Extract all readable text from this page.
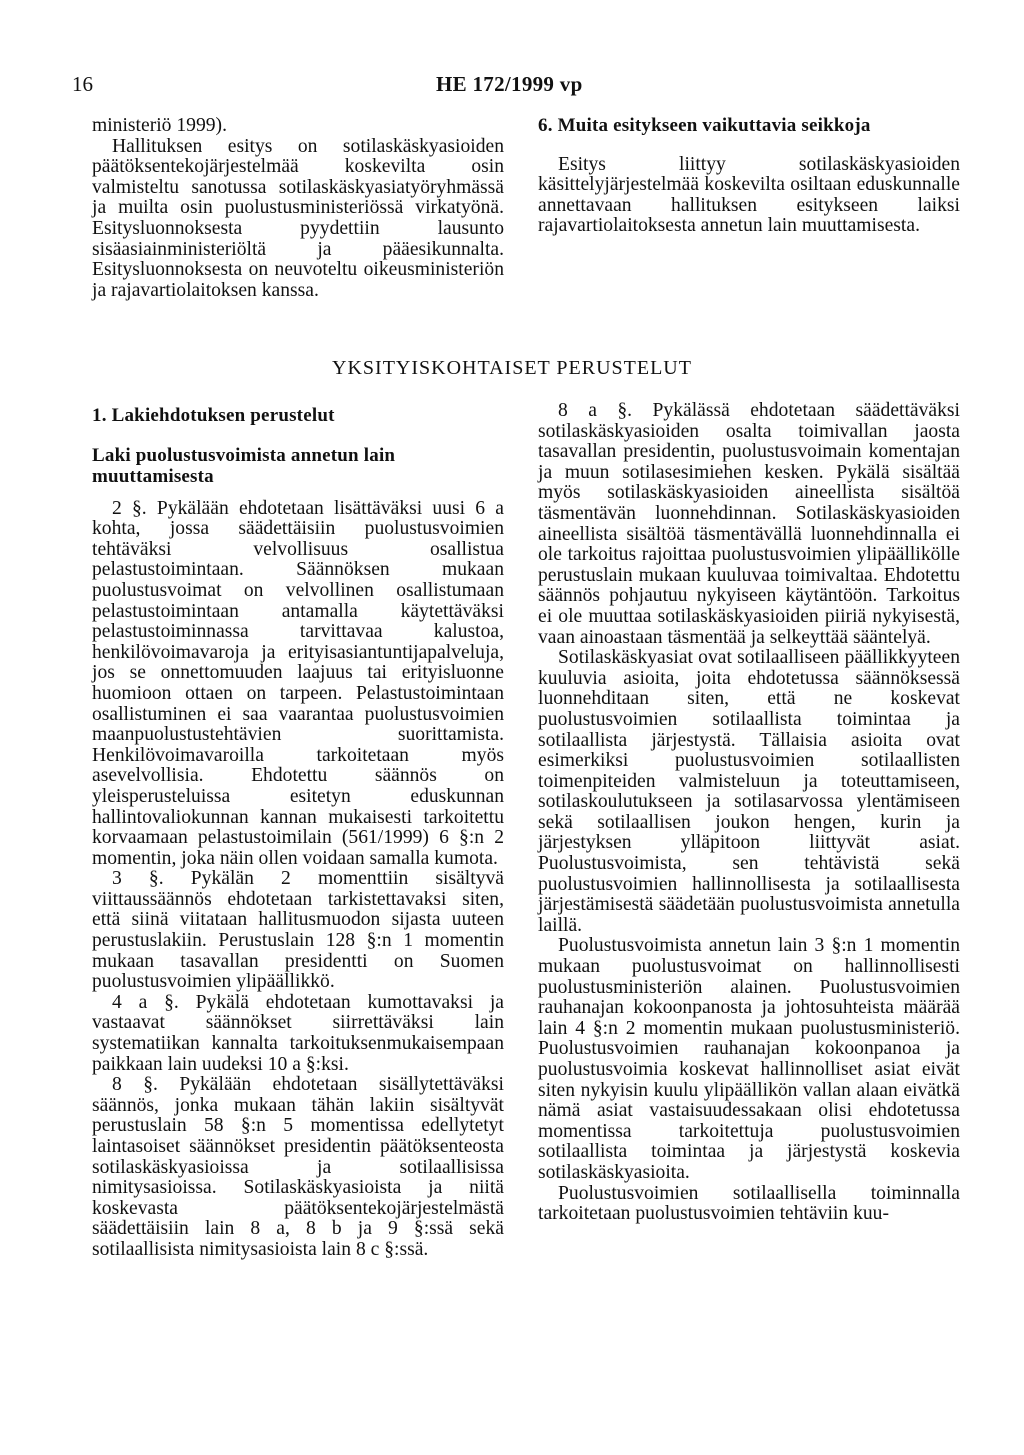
16	HE 172/1999 vp

ministeriö 1999).

Hallituksen esitys on sotilaskäskyasioiden päätöksentekojärjestelmää koskevilta osin valmisteltu sanotussa sotilaskäskyasiatyöryhmässä ja muilta osin puolustusministeriössä virkatyönä. Esitysluonnoksesta pyydettiin lausunto sisäasiainministeriöltä ja pääesikunnalta. Esitysluonnoksesta on neuvoteltu oikeusministeriön ja rajavartiolaitoksen kanssa.

6. Muita esitykseen vaikuttavia seikkoja

Esitys liittyy sotilaskäskyasioiden käsittelyjärjestelmää koskevilta osiltaan eduskunnalle annettavaan hallituksen esitykseen laiksi rajavartiolaitoksesta annetun lain muuttamisesta.

YKSITYISKOHTAISET PERUSTELUT
1. Lakiehdotuksen perustelut
Laki puolustusvoimista annetun lain muuttamisesta

2 §. Pykälään ehdotetaan lisättäväksi uusi 6 a kohta, jossa säädettäisiin puolustusvoimien tehtäväksi velvollisuus osallistua pelastustoimintaan. Säännöksen mukaan puolustusvoimat on velvollinen osallistumaan pelastustoimintaan antamalla käytettäväksi pelastustoiminnassa tarvittavaa kalustoa, henkilövoimavaroja ja erityisasiantuntijapalveluja, jos se onnettomuuden laajuus tai erityisluonne huomioon ottaen on tarpeen. Pelastustoimintaan osallistuminen ei saa vaarantaa puolustusvoimien maanpuolustustehtävien suorittamista. Henkilövoimavaroilla tarkoitetaan myös asevelvollisia. Ehdotettu säännös on yleisperusteluissa esitetyn eduskunnan hallintovaliokunnan kannan mukaisesti tarkoitettu korvaamaan pelastustoimilain (561/1999) 6 §:n 2 momentin, joka näin ollen voidaan samalla kumota.

3 §. Pykälän 2 momenttiin sisältyvä viittaussäännös ehdotetaan tarkistettavaksi siten, että siinä viitataan hallitusmuodon sijasta uuteen perustuslakiin. Perustuslain 128 §:n 1 momentin mukaan tasavallan presidentti on Suomen puolustusvoimien ylipäällikkö.

4 a §. Pykälä ehdotetaan kumottavaksi ja vastaavat säännökset siirrettäväksi lain systematiikan kannalta tarkoituksenmukaisempaan paikkaan lain uudeksi 10 a §:ksi.

8 §. Pykälään ehdotetaan sisällytettäväksi säännös, jonka mukaan tähän lakiin sisältyvät perustuslain 58 §:n 5 momentissa edellytetyt laintasoiset säännökset presidentin päätöksenteosta sotilaskäskyasioissa ja sotilaallisissa nimitysasioissa. Sotilaskäskyasioista ja niitä koskevasta päätöksentekojärjestelmästä säädettäisiin lain 8 a, 8 b ja 9 §:ssä sekä sotilaallisista nimitysasioista lain 8 c §:ssä.

8 a §. Pykälässä ehdotetaan säädettäväksi sotilaskäskyasioiden osalta toimivallan jaosta tasavallan presidentin, puolustusvoimain komentajan ja muun sotilasesimiehen kesken. Pykälä sisältää myös sotilaskäskyasioiden aineellista sisältöä täsmentävän luonnehdinnan. Sotilaskäskyasioiden aineellista sisältöä täsmentävällä luonnehdinnalla ei ole tarkoitus rajoittaa puolustusvoimien ylipäällikölle perustuslain mukaan kuuluvaa toimivaltaa. Ehdotettu säännös pohjautuu nykyiseen käytäntöön. Tarkoitus ei ole muuttaa sotilaskäskyasioiden piiriä nykyisestä, vaan ainoastaan täsmentää ja selkeyttää sääntelyä.

Sotilaskäskyasiat ovat sotilaalliseen päällikkyyteen kuuluvia asioita, joita ehdotetussa säännöksessä luonnehditaan siten, että ne koskevat puolustusvoimien sotilaallista toimintaa ja sotilaallista järjestystä. Tällaisia asioita ovat esimerkiksi puolustusvoimien sotilaallisten toimenpiteiden valmisteluun ja toteuttamiseen, sotilaskoulutukseen ja sotilasarvossa ylentämiseen sekä sotilaallisen joukon hengen, kurin ja järjestyksen ylläpitoon liittyvät asiat. Puolustusvoimista, sen tehtävistä sekä puolustusvoimien hallinnollisesta ja sotilaallisesta järjestämisestä säädetään puolustusvoimista annetulla laillä.

Puolustusvoimista annetun lain 3 §:n 1 momentin mukaan puolustusvoimat on hallinnollisesti puolustusministeriön alainen. Puolustusvoimien rauhanajan kokoonpanosta ja johtosuhteista määrää lain 4 §:n 2 momentin mukaan puolustusministeriö. Puolustusvoimien rauhanajan kokoonpanoa ja puolustusvoimia koskevat hallinnolliset asiat eivät siten nykyisin kuulu ylipäällikön vallan alaan eivätkä nämä asiat vastaisuudessakaan olisi ehdotetussa momentissa tarkoitettuja puolustusvoimien sotilaallista toimintaa ja järjestystä koskevia sotilaskäskyasioita.

Puolustusvoimien sotilaallisella toiminnalla tarkoitetaan puolustusvoimien tehtäviin kuu-
